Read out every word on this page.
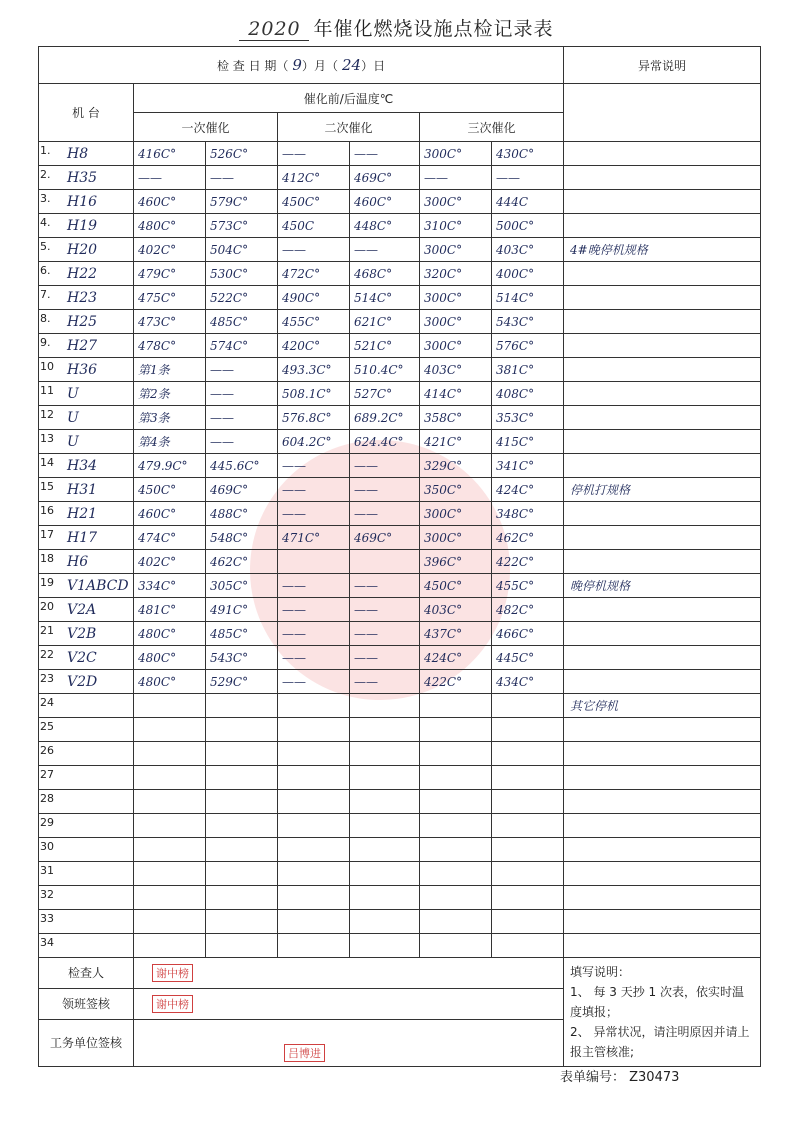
2020 年催化燃烧设施点检记录表
检 查 日 期（ 9）月（ 24）日							异常说明
机 台	催化前/后温度℃						
	一次催化		二次催化		三次催化		

1. H8	416C°	526C°	——	——	300C°	430C°	

2. H35	——	——	412C°	469C°	——	——	

3. H16	460C°	579C°	450C°	460C°	300C°	444C	

4. H19	480C°	573C°	450C	448C°	310C°	500C°	

5. H20	402C°	504C°	——	——	300C°	403C°	4#晚停机规格

6. H22	479C°	530C°	472C°	468C°	320C°	400C°	

7. H23	475C°	522C°	490C°	514C°	300C°	514C°	

8. H25	473C°	485C°	455C°	621C°	300C°	543C°	

9. H27	478C°	574C°	420C°	521C°	300C°	576C°	

10 H36	第1条	——	493.3C°	510.4C°	403C°	381C°	

11 U	第2条	——	508.1C°	527C°	414C°	408C°	

12 U	第3条	——	576.8C°	689.2C°	358C°	353C°	

13 U	第4条	——	604.2C°	624.4C°	421C°	415C°	

14 H34	479.9C°	445.6C°	——	——	329C°	341C°	

15 H31	450C°	469C°	——	——	350C°	424C°	停机打规格

16 H21	460C°	488C°	——	——	300C°	348C°	

17 H17	474C°	548C°	471C°	469C°	300C°	462C°	

18 H6	402C°	462C°			396C°	422C°	

19 V1ABCD	334C°	305C°	——	——	450C°	455C°	晚停机规格

20 V2A	481C°	491C°	——	——	403C°	482C°	

21 V2B	480C°	485C°	——	——	437C°	466C°	

22 V2C	480C°	543C°	——	——	424C°	445C°	

23 V2D	480C°	529C°	——	——	422C°	434C°	

24							其它停机

25							

26							

27							

28							

29							

30							

31							

32							

33							

34							

检查人	谢中榜						填写说明：
1、 每 3 天抄 1 次表，依实时温度填报；
2、 异常状况，请注明原因并请上报主管核准;

领班签核	谢中榜						
工务单位签核	吕博进						
表单编号： Z30473
